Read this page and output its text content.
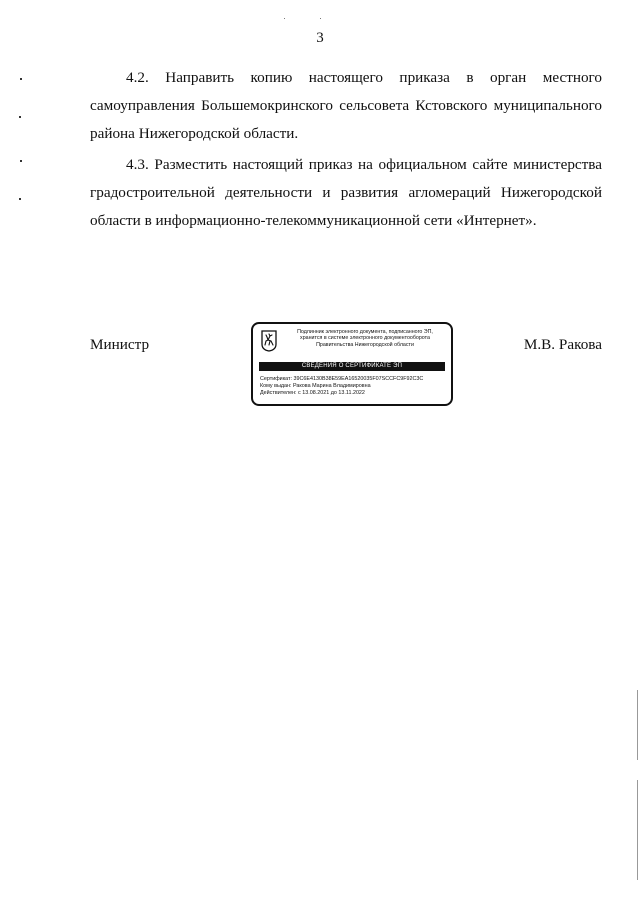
3

4.2. Направить копию настоящего приказа в орган местного самоуправления Большемокринского сельсовета Кстовского муниципального района Нижегородской области.

4.3. Разместить настоящий приказ на официальном сайте министерства градостроительной деятельности и развития агломераций Нижегородской области в информационно-телекоммуникационной сети «Интернет».

Министр	М.В. Ракова
Подлинник электронного документа, подписанного ЭП,
хранится в системе электронного документооборота
Правительства Нижегородской области
СВЕДЕНИЯ О СЕРТИФИКАТЕ ЭП
Сертификат: 39C6E4130B38E59EA16520035F07SCCFC9F92C3C
Кому выдан: Ракова Марина Владимировна
Действителен: с 13.08.2021 до 13.11.2022
